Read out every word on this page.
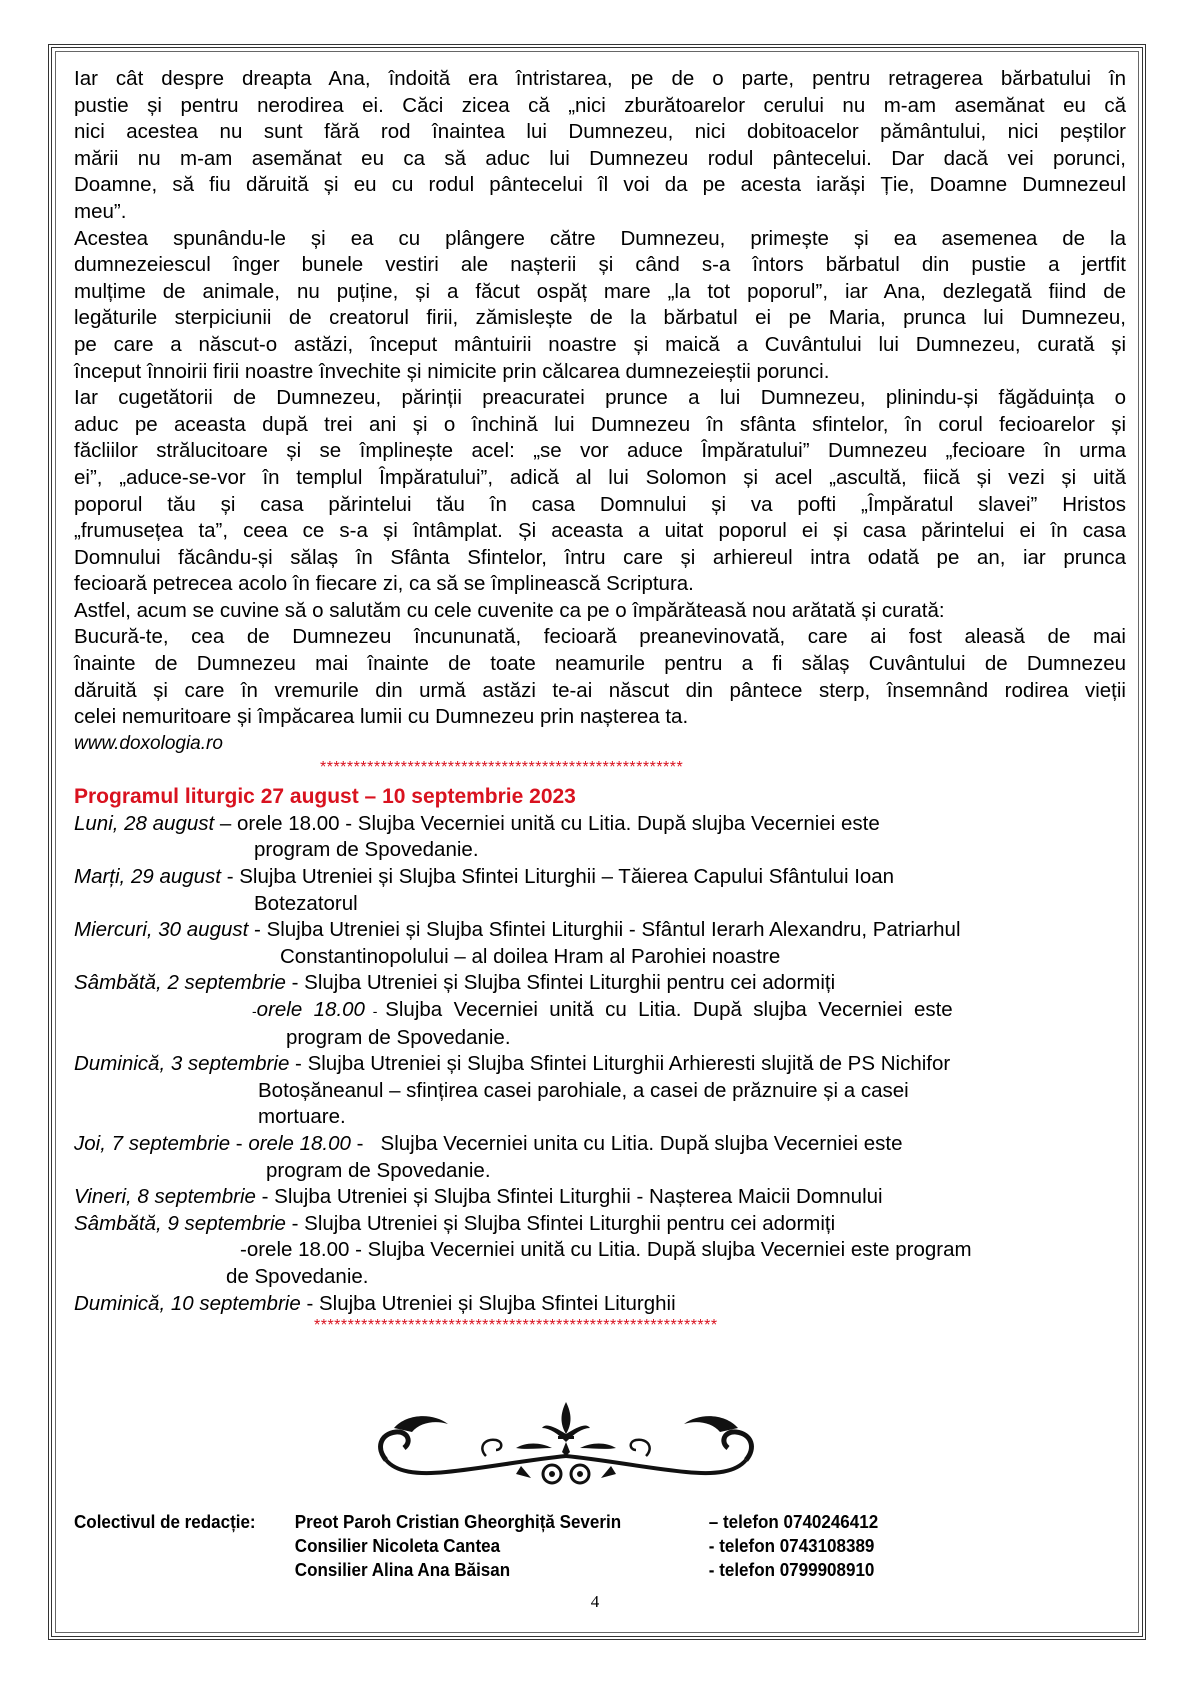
Iar cât despre dreapta Ana, îndoită era întristarea, pe de o parte, pentru retragerea bărbatului în
pustie și pentru nerodirea ei. Căci zicea că „nici zburătoarelor cerului nu m-am asemănat eu că
nici acestea nu sunt fără rod înaintea lui Dumnezeu, nici dobitoacelor pământului, nici peștilor
mării nu m-am asemănat eu ca să aduc lui Dumnezeu rodul pântecelui. Dar dacă vei porunci,
Doamne, să fiu dăruită și eu cu rodul pântecelui îl voi da pe acesta iarăși Ție, Doamne Dumnezeul
meu”.

Acestea spunându-le și ea cu plângere către Dumnezeu, primește și ea asemenea de la
dumnezeiescul înger bunele vestiri ale nașterii și când s-a întors bărbatul din pustie a jertfit
mulțime de animale, nu puține, și a făcut ospăț mare „la tot poporul”, iar Ana, dezlegată fiind de
legăturile sterpiciunii de creatorul firii, zămislește de la bărbatul ei pe Maria, prunca lui Dumnezeu,
pe care a născut-o astăzi, început mântuirii noastre și maică a Cuvântului lui Dumnezeu, curată și
început înnoirii firii noastre învechite și nimicite prin călcarea dumnezeieștii porunci.

Iar cugetătorii de Dumnezeu, părinții preacuratei prunce a lui Dumnezeu, plinindu-și făgăduința o
aduc pe aceasta după trei ani și o închină lui Dumnezeu în sfânta sfintelor, în corul fecioarelor și
făcliilor strălucitoare și se împlinește acel: „se vor aduce Împăratului” Dumnezeu „fecioare în urma
ei”, „aduce-se-vor în templul Împăratului”, adică al lui Solomon și acel „ascultă, fiică și vezi și uită
poporul tău și casa părintelui tău în casa Domnului și va pofti „Împăratul slavei” Hristos
„frumusețea ta”, ceea ce s-a și întâmplat. Și aceasta a uitat poporul ei și casa părintelui ei în casa
Domnului făcându-și sălaș în Sfânta Sfintelor, întru care și arhiereul intra odată pe an, iar prunca
fecioară petrecea acolo în fiecare zi, ca să se împlinească Scriptura.

Astfel, acum se cuvine să o salutăm cu cele cuvenite ca pe o împărăteasă nou arătată și curată:

Bucură-te, cea de Dumnezeu încununată, fecioară preanevinovată, care ai fost aleasă de mai
înainte de Dumnezeu mai înainte de toate neamurile pentru a fi sălaș Cuvântului de Dumnezeu
dăruită și care în vremurile din urmă astăzi te-ai născut din pântece sterp, însemnând rodirea vieții
celei nemuritoare și împăcarea lumii cu Dumnezeu prin nașterea ta.

www.doxologia.ro

******************************************************
Programul liturgic 27 august – 10 septembrie 2023
Luni, 28 august – orele 18.00 - Slujba Vecerniei unită cu Litia. După slujba Vecerniei este
program de Spovedanie.
Marți, 29 august - Slujba Utreniei și Slujba Sfintei Liturghii – Tăierea Capului Sfântului Ioan
Botezatorul
Miercuri, 30 august - Slujba Utreniei și Slujba Sfintei Liturghii - Sfântul Ierarh Alexandru, Patriarhul
Constantinopolului – al doilea Hram al Parohiei noastre
Sâmbătă, 2 septembrie - Slujba Utreniei și Slujba Sfintei Liturghii pentru cei adormiți
-orele  18.00  -  Slujba  Vecerniei  unită  cu  Litia.  După  slujba  Vecerniei  este
program de Spovedanie.
Duminică, 3 septembrie - Slujba Utreniei și Slujba Sfintei Liturghii Arhieresti slujită de PS Nichifor
Botoșăneanul – sfințirea casei parohiale, a casei de prăznuire și a casei
mortuare.
Joi, 7 septembrie - orele 18.00 -   Slujba Vecerniei unita cu Litia. După slujba Vecerniei este
program de Spovedanie.
Vineri, 8 septembrie - Slujba Utreniei și Slujba Sfintei Liturghii - Nașterea Maicii Domnului
Sâmbătă, 9 septembrie - Slujba Utreniei și Slujba Sfintei Liturghii pentru cei adormiți
-orele 18.00 - Slujba Vecerniei unită cu Litia. După slujba Vecerniei este program
de Spovedanie.
Duminică, 10 septembrie - Slujba Utreniei și Slujba Sfintei Liturghii
************************************************************
Colectivul de redacție: Preot Paroh Cristian Gheorghiță Severin	– telefon 0740246412
Consilier Nicoleta Cantea	- telefon 0743108389
Consilier Alina Ana Băisan	- telefon 0799908910
4
